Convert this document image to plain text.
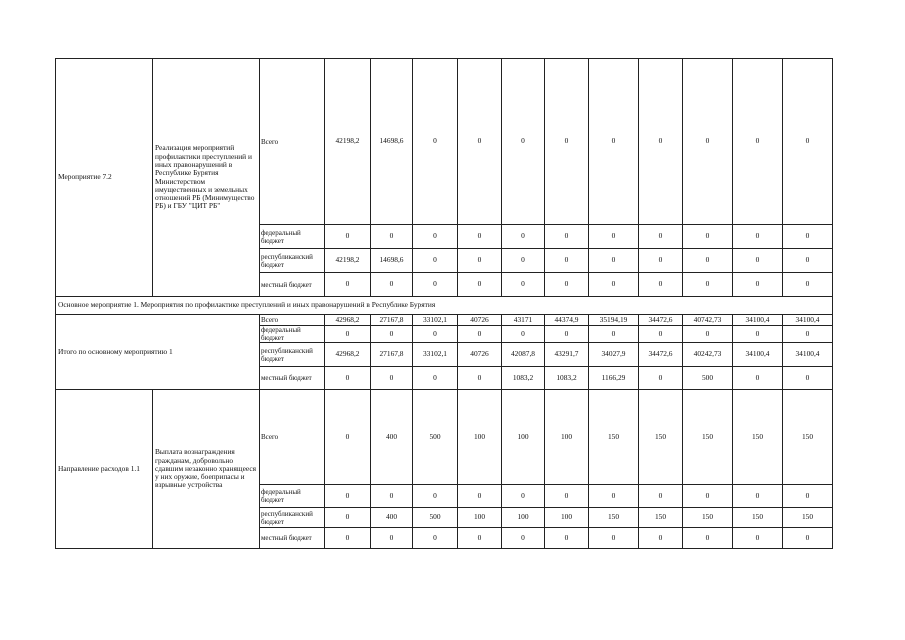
Мероприятие 7.2	Реализация мероприятий профилактики преступлений и иных правонарушений в Республике Бурятия Министерством имущественных и земельных отношений РБ (Минимущество РБ) и ГБУ "ЦИТ РБ"	Всего	42198,2	14698,6	0	0	0	0	0	0	0	0	0
		федеральный бюджет	0	0	0	0	0	0	0	0	0	0	0
		республиканский бюджет	42198,2	14698,6	0	0	0	0	0	0	0	0	0
		местный бюджет	0	0	0	0	0	0	0	0	0	0	0
Основное мероприятие 1. Мероприятия по профилактике преступлений и иных правонарушений в Республике Бурятия													
Итого по основному мероприятию 1		Всего	42968,2	27167,8	33102,1	40726	43171	44374,9	35194,19	34472,6	40742,73	34100,4	34100,4
		федеральный бюджет	0	0	0	0	0	0	0	0	0	0	0
		республиканский бюджет	42968,2	27167,8	33102,1	40726	42087,8	43291,7	34027,9	34472,6	40242,73	34100,4	34100,4
		местный бюджет	0	0	0	0	1083,2	1083,2	1166,29	0	500	0	0
Направление расходов 1.1	Выплата вознаграждения гражданам, добровольно сдавшим незаконно хранящееся у них оружие, боеприпасы и взрывные устройства	Всего	0	400	500	100	100	100	150	150	150	150	150
		федеральный бюджет	0	0	0	0	0	0	0	0	0	0	0
		республиканский бюджет	0	400	500	100	100	100	150	150	150	150	150
		местный бюджет	0	0	0	0	0	0	0	0	0	0	0
